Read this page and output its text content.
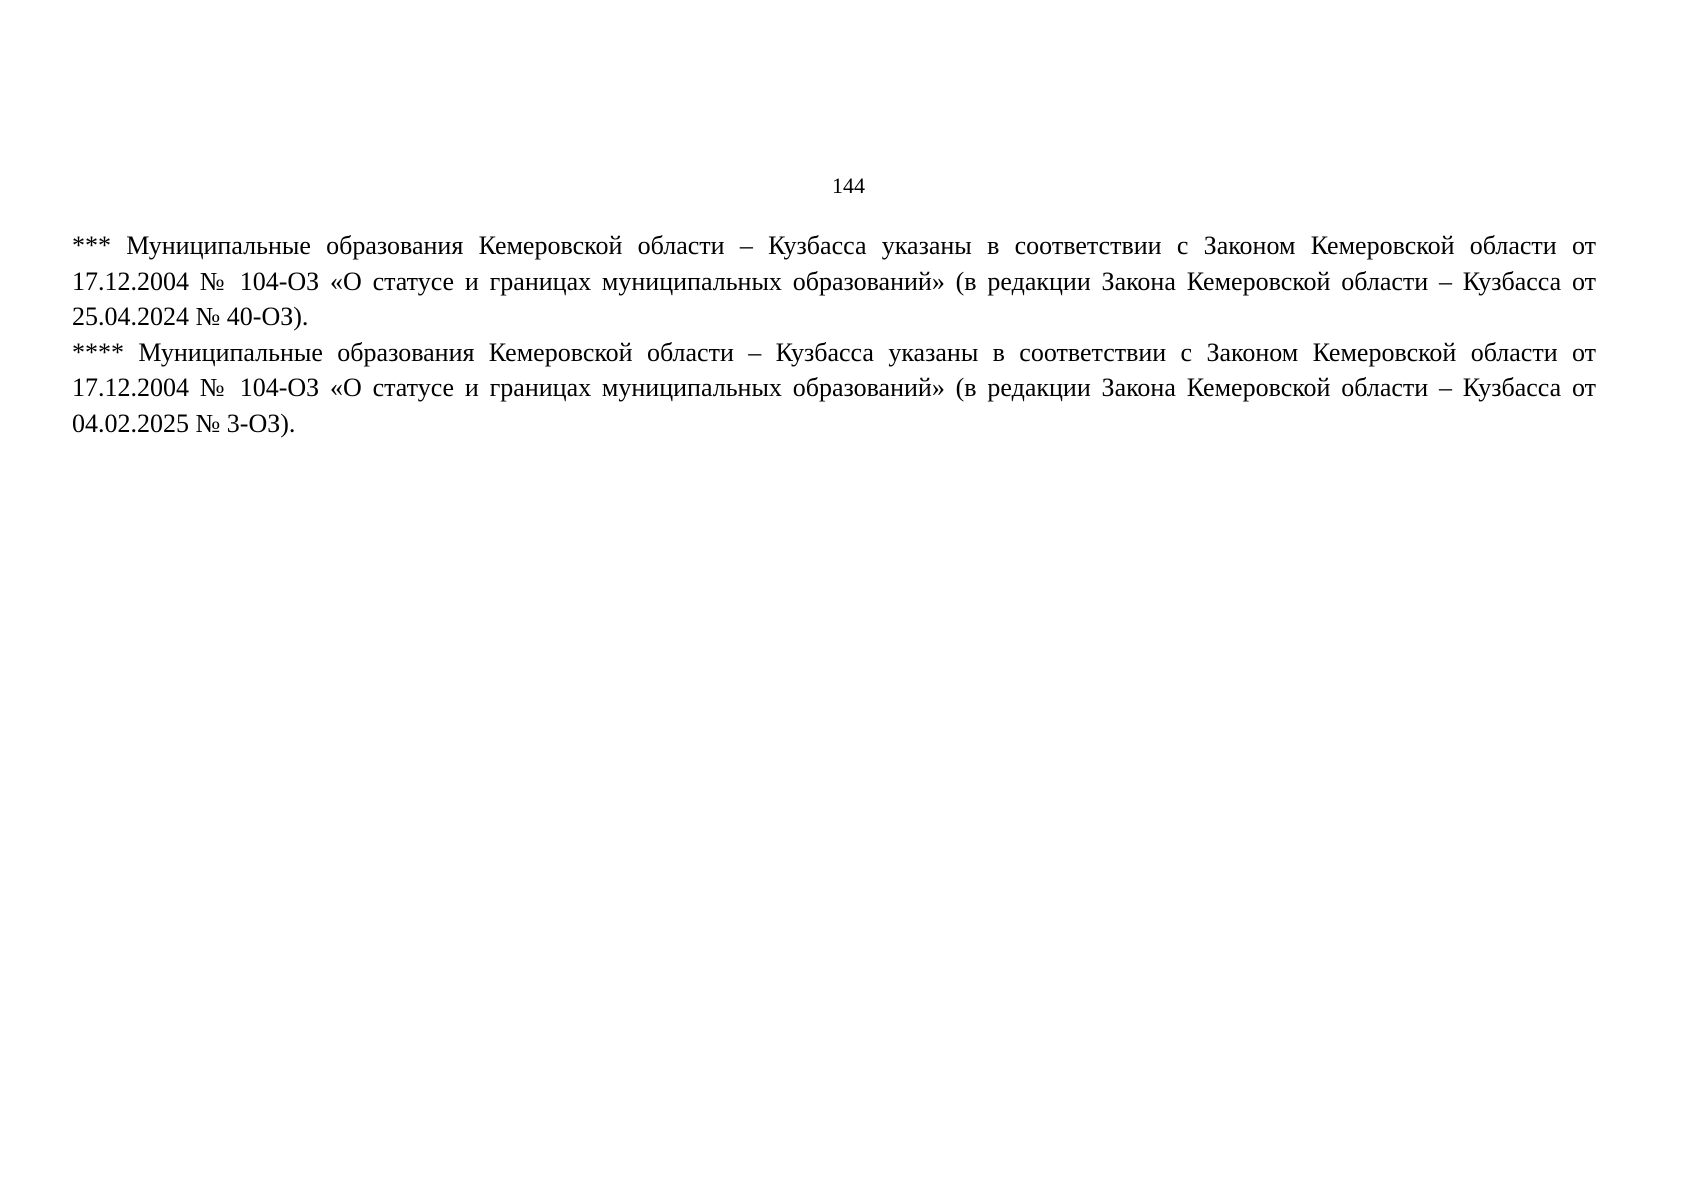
144

*** Муниципальные образования Кемеровской области – Кузбасса указаны в соответствии с Законом Кемеровской области от 17.12.2004 № 104-ОЗ «О статусе и границах муниципальных образований» (в редакции Закона Кемеровской области – Кузбасса от 25.04.2024 № 40-ОЗ).

**** Муниципальные образования Кемеровской области – Кузбасса указаны в соответствии с Законом Кемеровской области от 17.12.2004 № 104-ОЗ «О статусе и границах муниципальных образований» (в редакции Закона Кемеровской области – Кузбасса от 04.02.2025 № 3-ОЗ).
